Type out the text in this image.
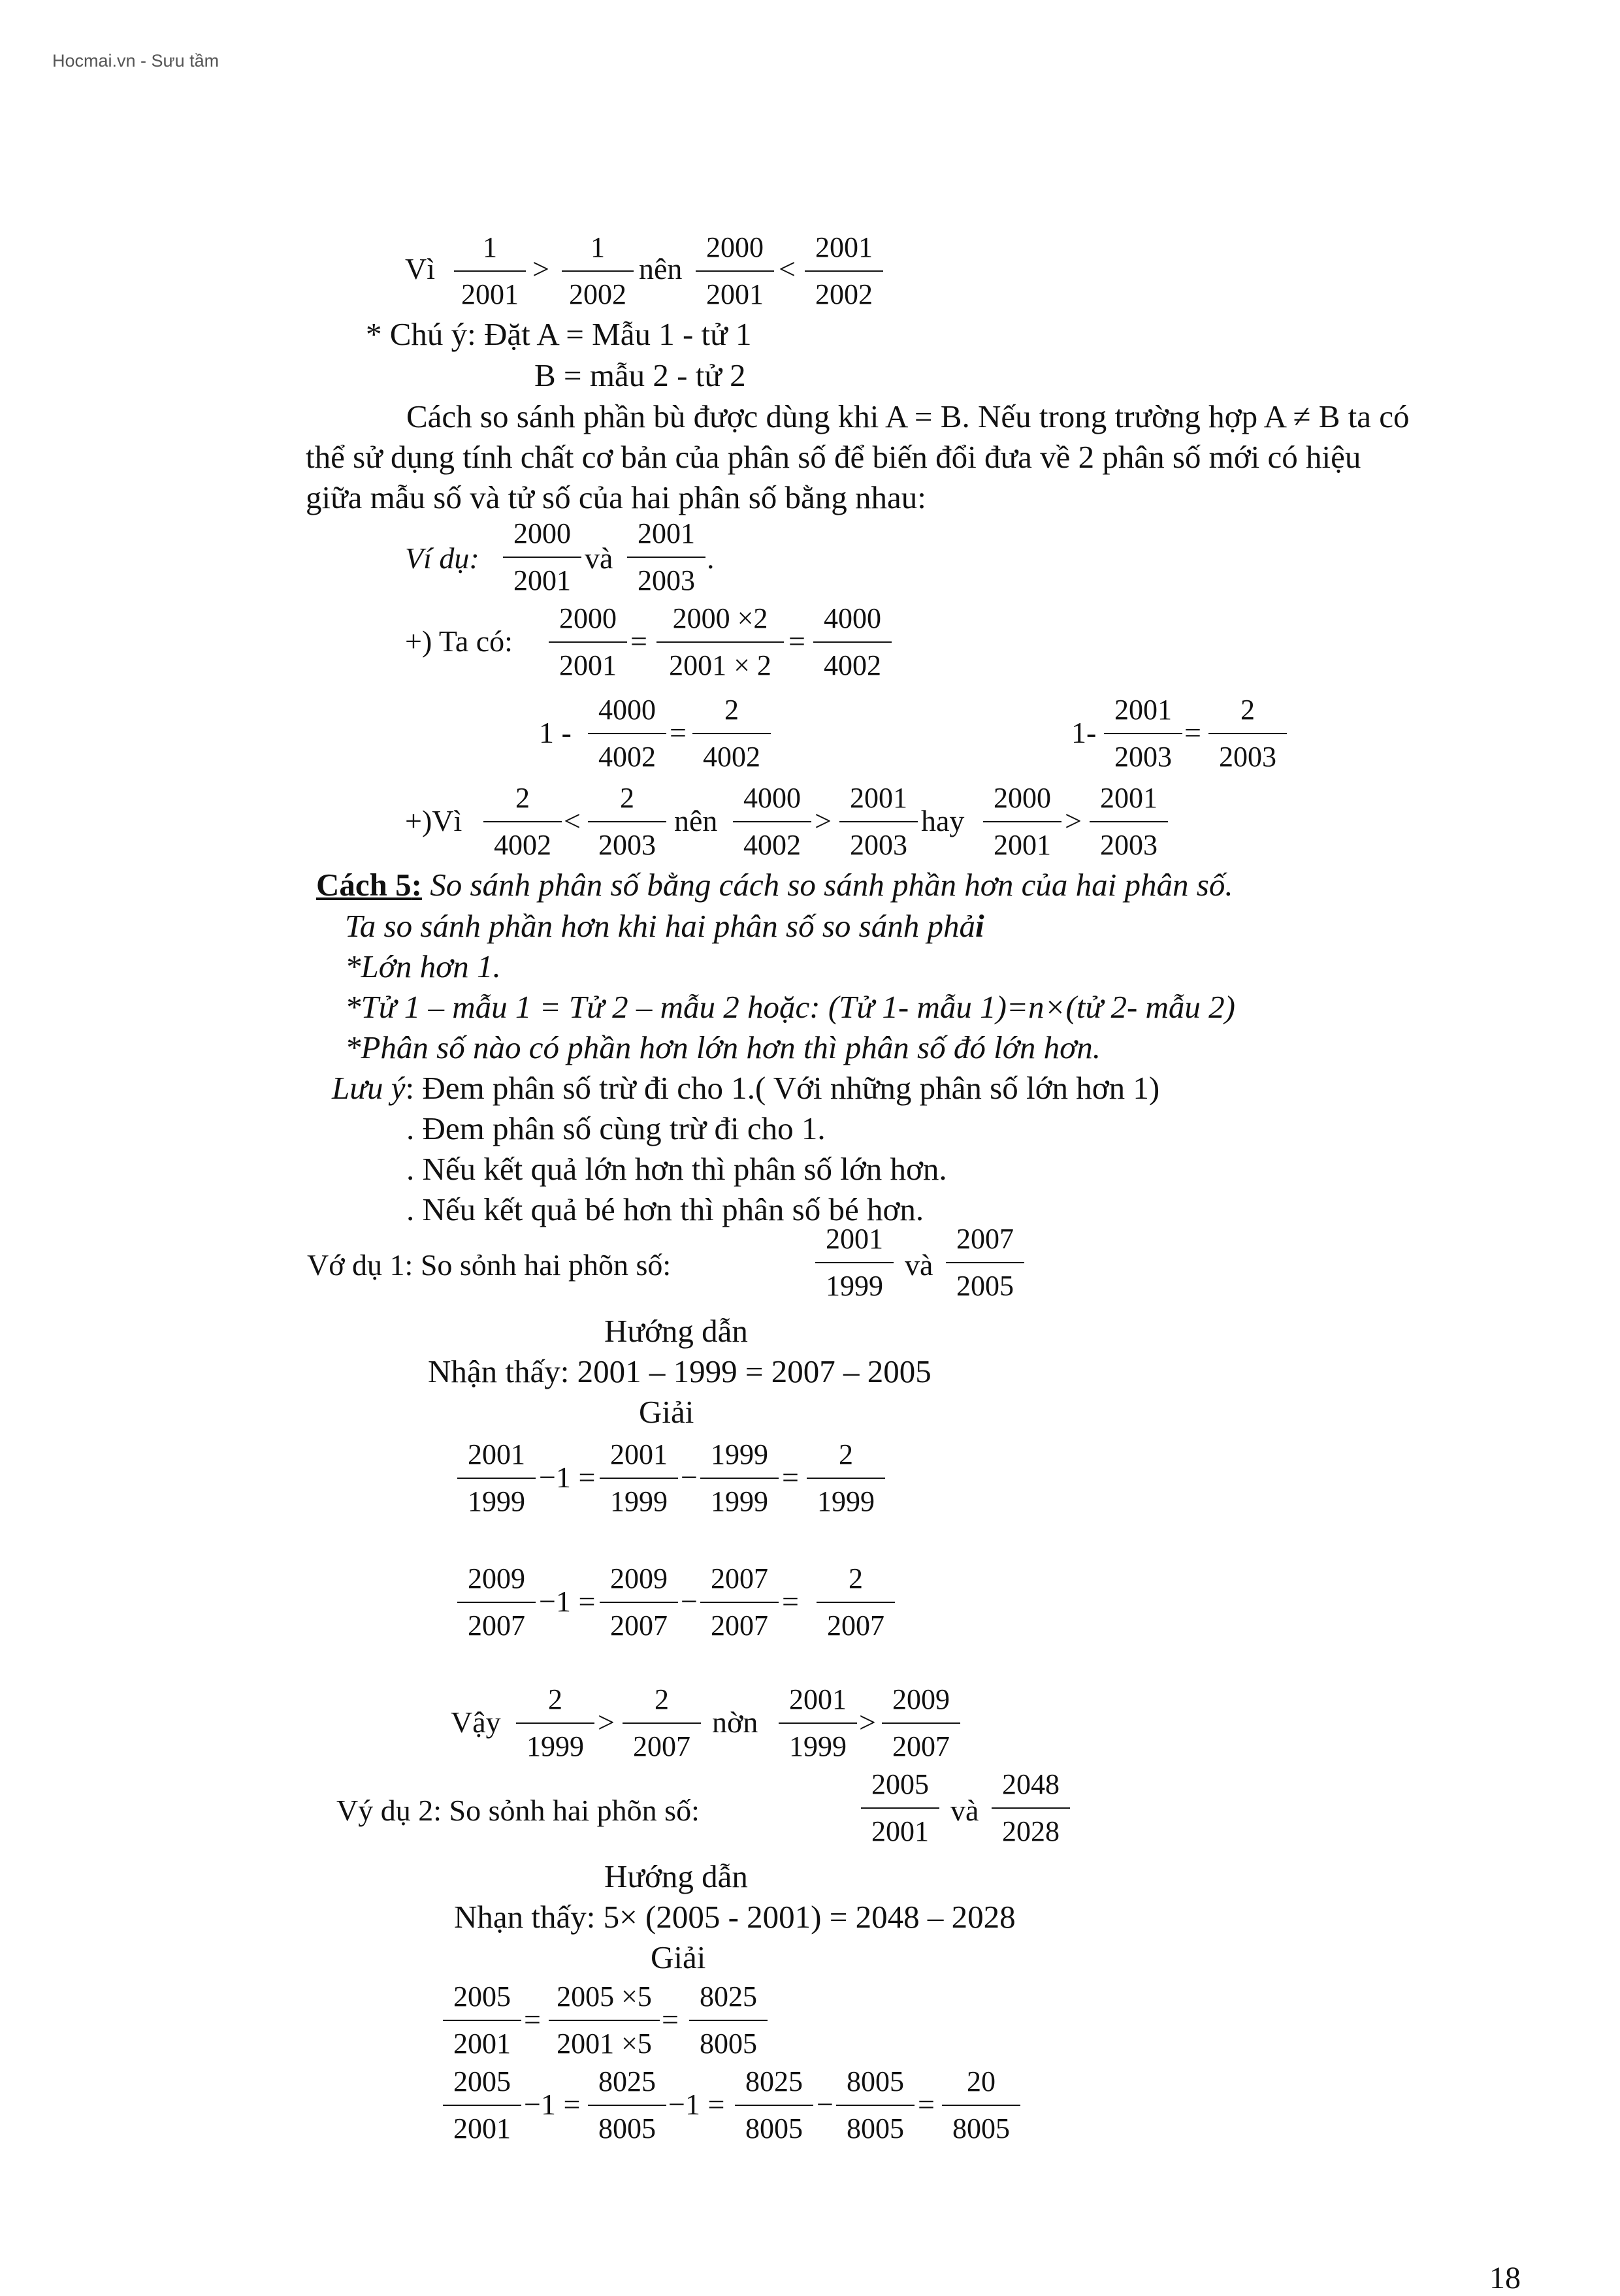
Hocmai.vn - Sưu tầm
Vì
1
2001
>
1
2002
nên
2000
2001
<
2001
2002
* Chú ý: Đặt A = Mẫu 1 - tử 1
B = mẫu 2 - tử 2
Cách so sánh phần bù được dùng khi A = B. Nếu trong trường hợp A ≠ B ta có
thể sử dụng tính chất cơ bản của phân số để biến đổi đưa về 2 phân số mới có hiệu
giữa mẫu số và tử số của hai phân số bằng nhau:
Ví dụ:
2000
2001
và
2001
2003
.
+) Ta có:
2000
2001
=
2000 ×2
2001 × 2
=
4000
4002
1 -
4000
4002
=
2
4002
1-
2001
2003
=
2
2003
+)Vì
2
4002
<
2
2003
nên
4000
4002
>
2001
2003
hay
2000
2001
>
2001
2003
Cách 5: So sánh phân số bằng cách so sánh phần hơn của hai phân số.
Ta so sánh phần hơn khi hai phân số so sánh phải
*Lớn hơn 1.
*Tử 1 – mẫu 1 = Tử 2 – mẫu 2 hoặc: (Tử 1- mẫu 1)=n×(tử 2- mẫu 2)
*Phân số nào có phần hơn lớn hơn thì phân số đó lớn hơn.
Lưu ý: Đem phân số trừ đi cho 1.( Với những phân số lớn hơn 1)
. Đem phân số cùng trừ đi cho 1.
. Nếu kết quả lớn hơn thì phân số lớn hơn.
. Nếu kết quả bé hơn thì phân số bé hơn.
Vớ dụ 1: So sỏnh hai phõn số:
2001
1999
và
2007
2005
Hướng dẫn
Nhận thấy: 2001 – 1999 = 2007 – 2005
Giải
2001
1999
−1 =
2001
1999
−
1999
1999
=
2
1999
2009
2007
−1 =
2009
2007
−
2007
2007
=
2
2007
Vậy
2
1999
>
2
2007
nờn
2001
1999
>
2009
2007
Vý dụ 2: So sỏnh hai phõn số:
2005
2001
và
2048
2028
Hướng dẫn
Nhạn thấy: 5× (2005 - 2001) = 2048 – 2028
Giải
2005
2001
=
2005 ×5
2001 ×5
=
8025
8005
2005
2001
−1 =
8025
8005
−1 =
8025
8005
−
8005
8005
=
20
8005
18
